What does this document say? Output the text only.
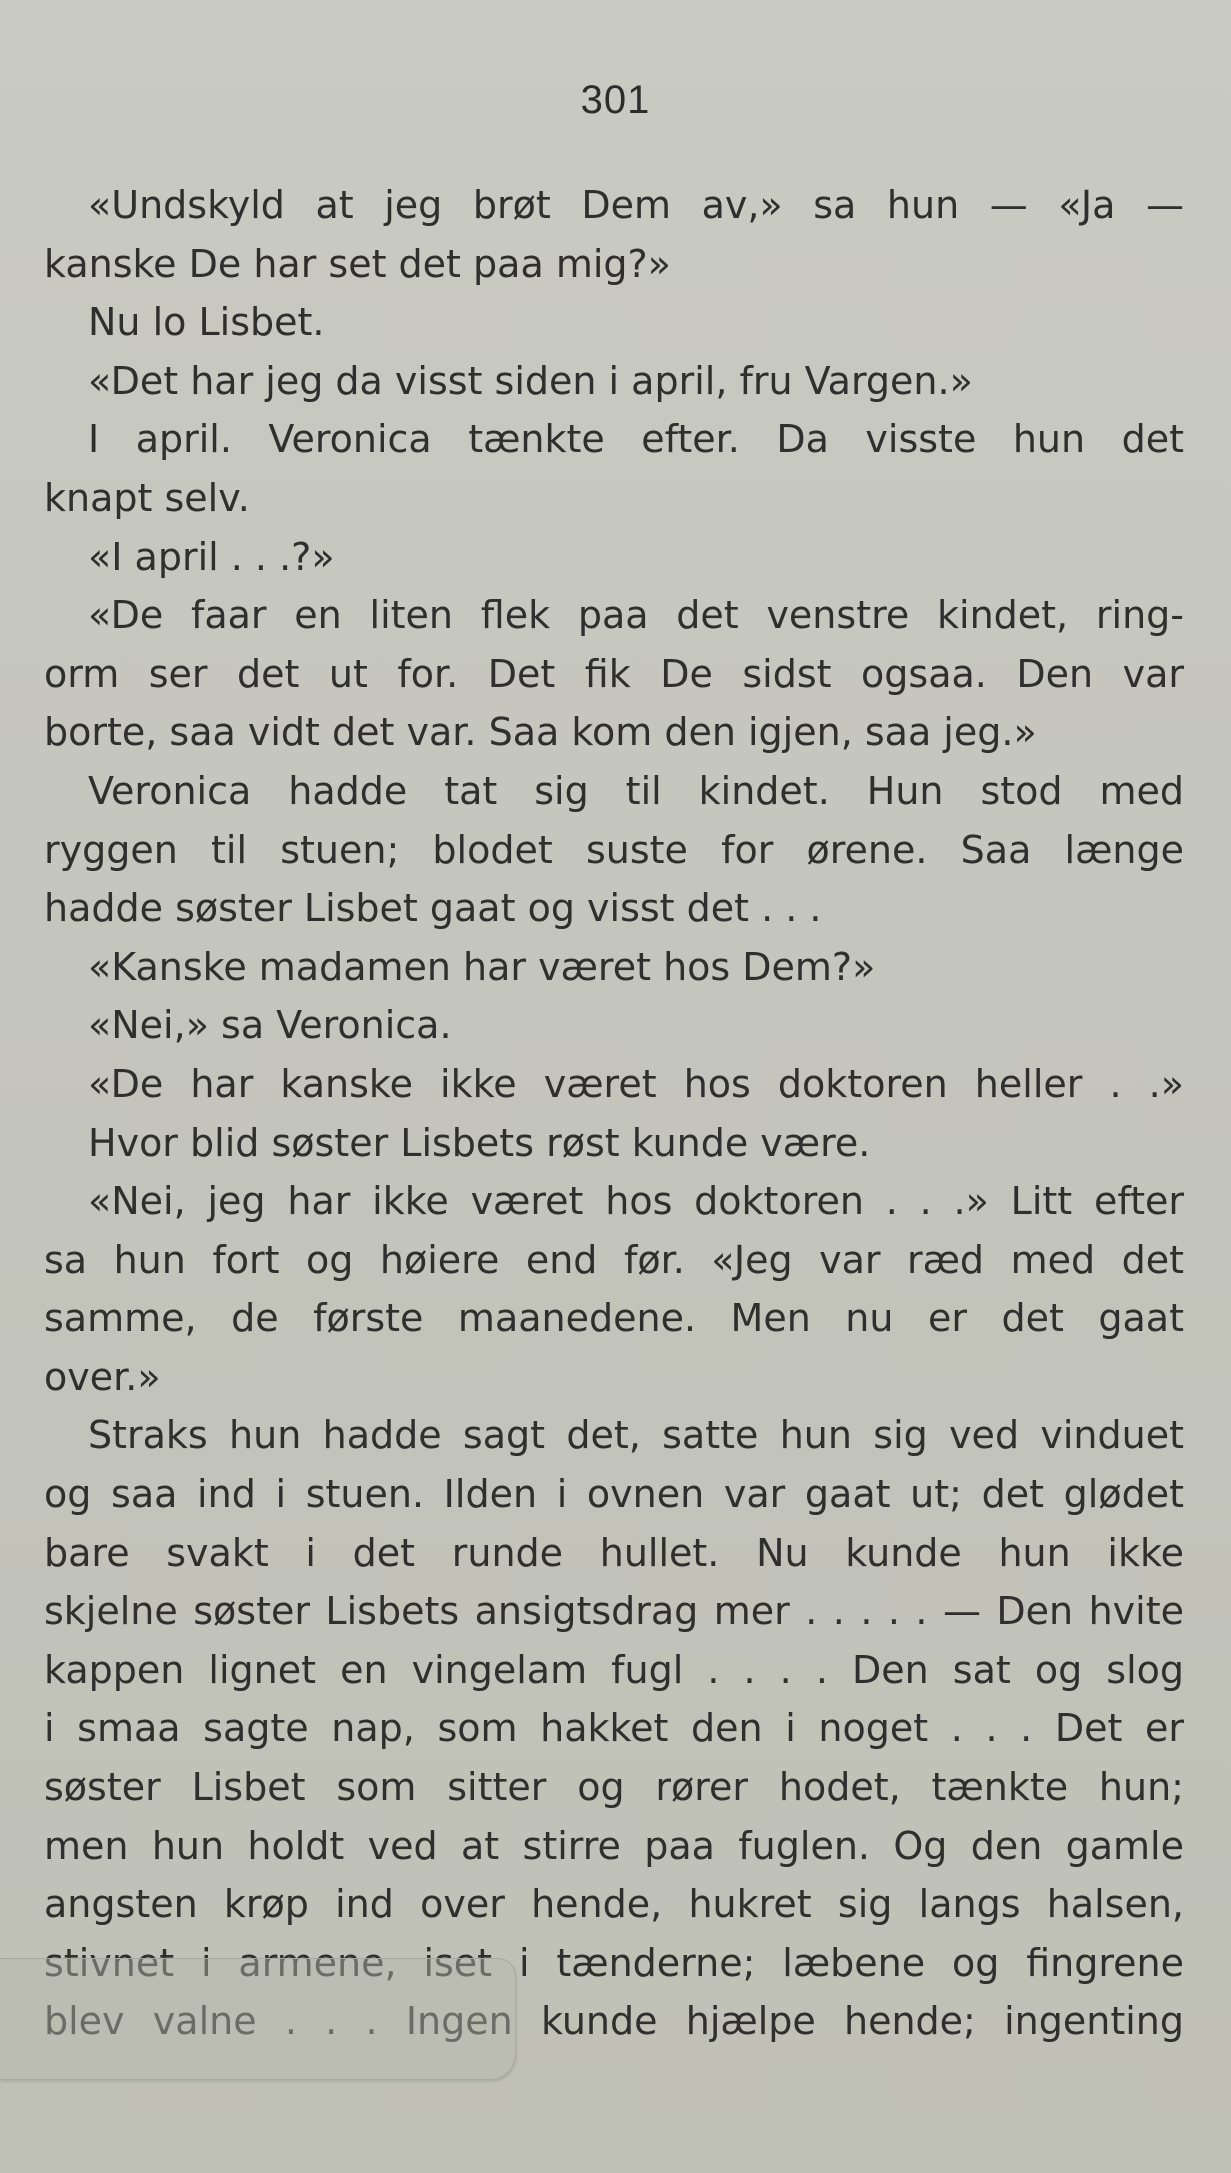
301
«Undskyld at jeg brøt Dem av,» sa hun — «Ja —
kanske De har set det paa mig?»
Nu lo Lisbet.
«Det har jeg da visst siden i april, fru Vargen.»
I april. Veronica tænkte efter. Da visste hun det
knapt selv.
«I april . . .?»
«De faar en liten flek paa det venstre kindet, ring-
orm ser det ut for. Det fik De sidst ogsaa. Den var
borte, saa vidt det var. Saa kom den igjen, saa jeg.»
Veronica hadde tat sig til kindet. Hun stod med
ryggen til stuen; blodet suste for ørene. Saa længe
hadde søster Lisbet gaat og visst det . . .
«Kanske madamen har været hos Dem?»
«Nei,» sa Veronica.
«De har kanske ikke været hos doktoren heller . .»
Hvor blid søster Lisbets røst kunde være.
«Nei, jeg har ikke været hos doktoren . . .» Litt efter
sa hun fort og høiere end før. «Jeg var ræd med det
samme, de første maanedene. Men nu er det gaat
over.»
Straks hun hadde sagt det, satte hun sig ved vinduet
og saa ind i stuen. Ilden i ovnen var gaat ut; det glødet
bare svakt i det runde hullet. Nu kunde hun ikke
skjelne søster Lisbets ansigtsdrag mer . . . . . — Den hvite
kappen lignet en vingelam fugl . . . . Den sat og slog
i smaa sagte nap, som hakket den i noget . . . Det er
søster Lisbet som sitter og rører hodet, tænkte hun;
men hun holdt ved at stirre paa fuglen. Og den gamle
angsten krøp ind over hende, hukret sig langs halsen,
stivnet i armene, iset i tænderne; læbene og fingrene
blev valne . . . Ingen kunde hjælpe hende; ingenting
